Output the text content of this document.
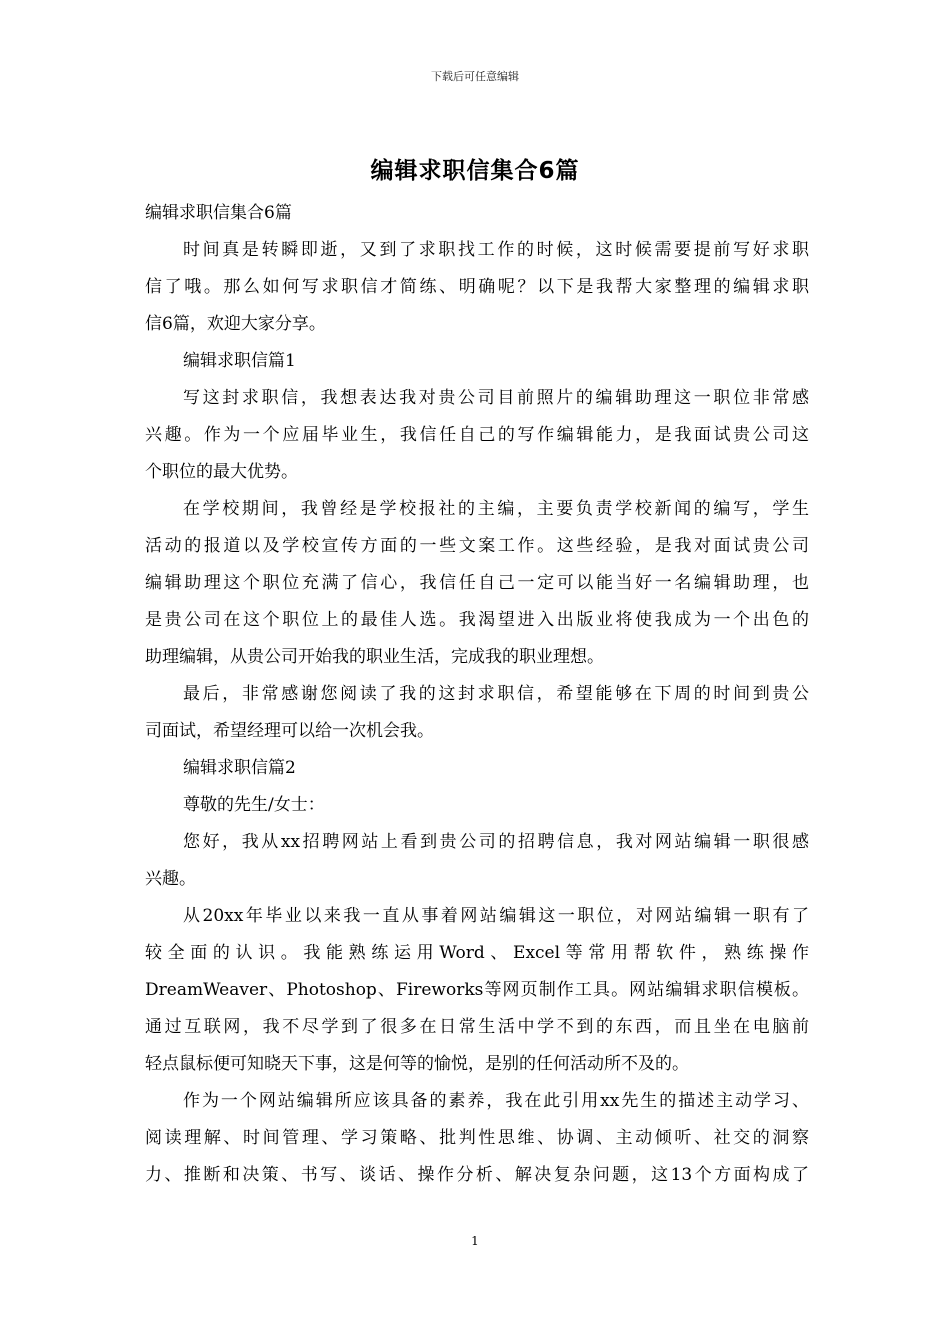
下载后可任意编辑
编辑求职信集合6篇
编辑求职信集合6篇
时间真是转瞬即逝，又到了求职找工作的时候，这时候需要提前写好求职
信了哦。那么如何写求职信才简练、明确呢？以下是我帮大家整理的编辑求职
信6篇，欢迎大家分享。
编辑求职信篇1
写这封求职信，我想表达我对贵公司目前照片的编辑助理这一职位非常感
兴趣。作为一个应届毕业生，我信任自己的写作编辑能力，是我面试贵公司这
个职位的最大优势。
在学校期间，我曾经是学校报社的主编，主要负责学校新闻的编写，学生
活动的报道以及学校宣传方面的一些文案工作。这些经验，是我对面试贵公司
编辑助理这个职位充满了信心，我信任自己一定可以能当好一名编辑助理，也
是贵公司在这个职位上的最佳人选。我渴望进入出版业将使我成为一个出色的
助理编辑，从贵公司开始我的职业生活，完成我的职业理想。
最后，非常感谢您阅读了我的这封求职信，希望能够在下周的时间到贵公
司面试，希望经理可以给一次机会我。
编辑求职信篇2
尊敬的先生/女士：
您好，我从xx招聘网站上看到贵公司的招聘信息，我对网站编辑一职很感
兴趣。
从20xx年毕业以来我一直从事着网站编辑这一职位，对网站编辑一职有了
较全面的认识。我能熟练运用Word、Excel等常用帮软件，熟练操作
DreamWeaver、Photoshop、Fireworks等网页制作工具。网站编辑求职信模板。
通过互联网，我不尽学到了很多在日常生活中学不到的东西，而且坐在电脑前
轻点鼠标便可知晓天下事，这是何等的愉悦，是别的任何活动所不及的。
作为一个网站编辑所应该具备的素养，我在此引用xx先生的描述主动学习、
阅读理解、时间管理、学习策略、批判性思维、协调、主动倾听、社交的洞察
力、推断和决策、书写、谈话、操作分析、解决复杂问题，这13个方面构成了
1
